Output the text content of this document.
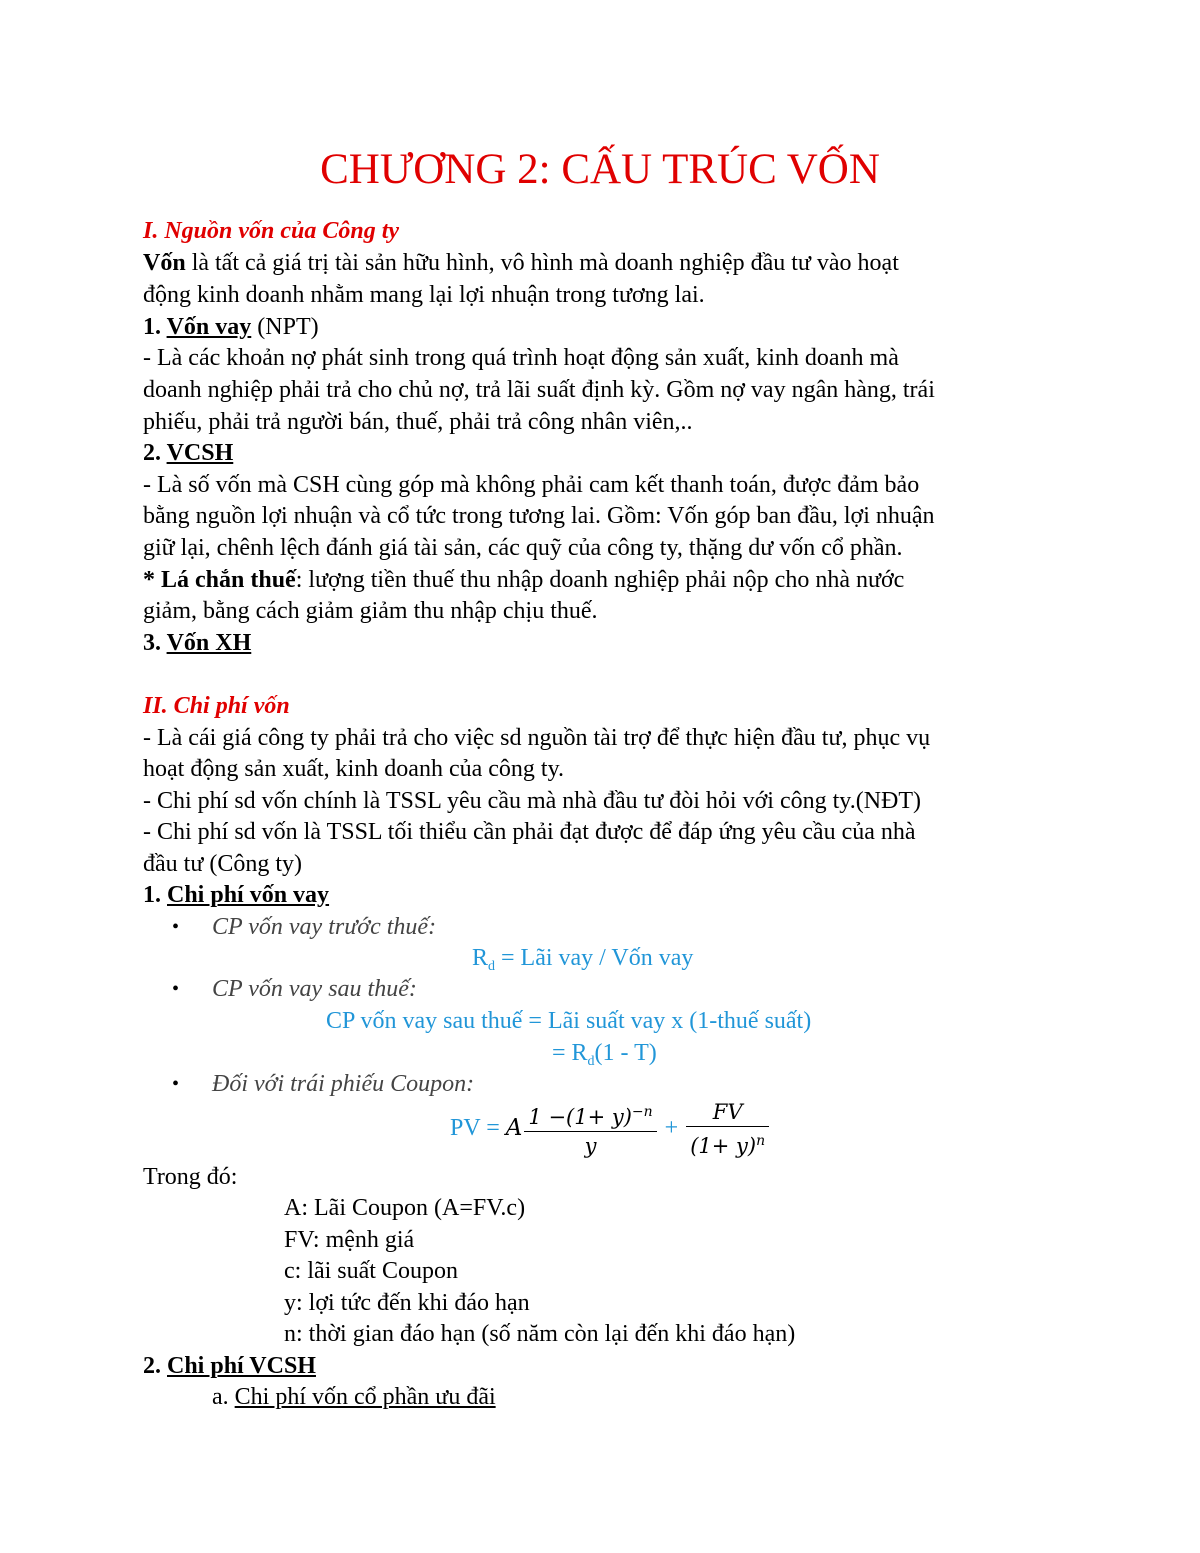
CHƯƠNG 2: CẤU TRÚC VỐN
I. Nguồn vốn của Công ty
Vốn là tất cả giá trị tài sản hữu hình, vô hình mà doanh nghiệp đầu tư vào hoạt
động kinh doanh nhằm mang lại lợi nhuận trong tương lai.
1. Vốn vay (NPT)
- Là các khoản nợ phát sinh trong quá trình hoạt động sản xuất, kinh doanh mà
doanh nghiệp phải trả cho chủ nợ, trả lãi suất định kỳ. Gồm nợ vay ngân hàng, trái
phiếu, phải trả người bán, thuế, phải trả công nhân viên,..
2. VCSH
- Là số vốn mà CSH cùng góp mà không phải cam kết thanh toán, được đảm bảo
bằng nguồn lợi nhuận và cổ tức trong tương lai. Gồm: Vốn góp ban đầu, lợi nhuận
giữ lại, chênh lệch đánh giá tài sản, các quỹ của công ty, thặng dư vốn cổ phần.
* Lá chắn thuế: lượng tiền thuế thu nhập doanh nghiệp phải nộp cho nhà nước
giảm, bằng cách giảm giảm thu nhập chịu thuế.
3. Vốn XH
II. Chi phí vốn
- Là cái giá công ty phải trả cho việc sd nguồn tài trợ để thực hiện đầu tư, phục vụ
hoạt động sản xuất, kinh doanh của công ty.
- Chi phí sd vốn chính là TSSL yêu cầu mà nhà đầu tư đòi hỏi với công ty.(NĐT)
- Chi phí sd vốn là TSSL tối thiểu cần phải đạt được để đáp ứng yêu cầu của nhà
đầu tư (Công ty)
1. Chi phí vốn vay
• CP vốn vay trước thuế:
$R_d$ = Lãi vay / Vốn vay
• CP vốn vay sau thuế:
CP vốn vay sau thuế = Lãi suất vay x (1-thuế suất)
= $R_d(1 - T)$
• Đối với trái phiếu Coupon:
PV = A $\frac{1 -(1+ y)^{-n}}{y} + \frac{FV}{(1+ y)^n}$
Trong đó:
A: Lãi Coupon (A=FV.c)
FV: mệnh giá
c: lãi suất Coupon
y: lợi tức đến khi đáo hạn
n: thời gian đáo hạn (số năm còn lại đến khi đáo hạn)
2. Chi phí VCSH
a. Chi phí vốn cổ phần ưu đãi
